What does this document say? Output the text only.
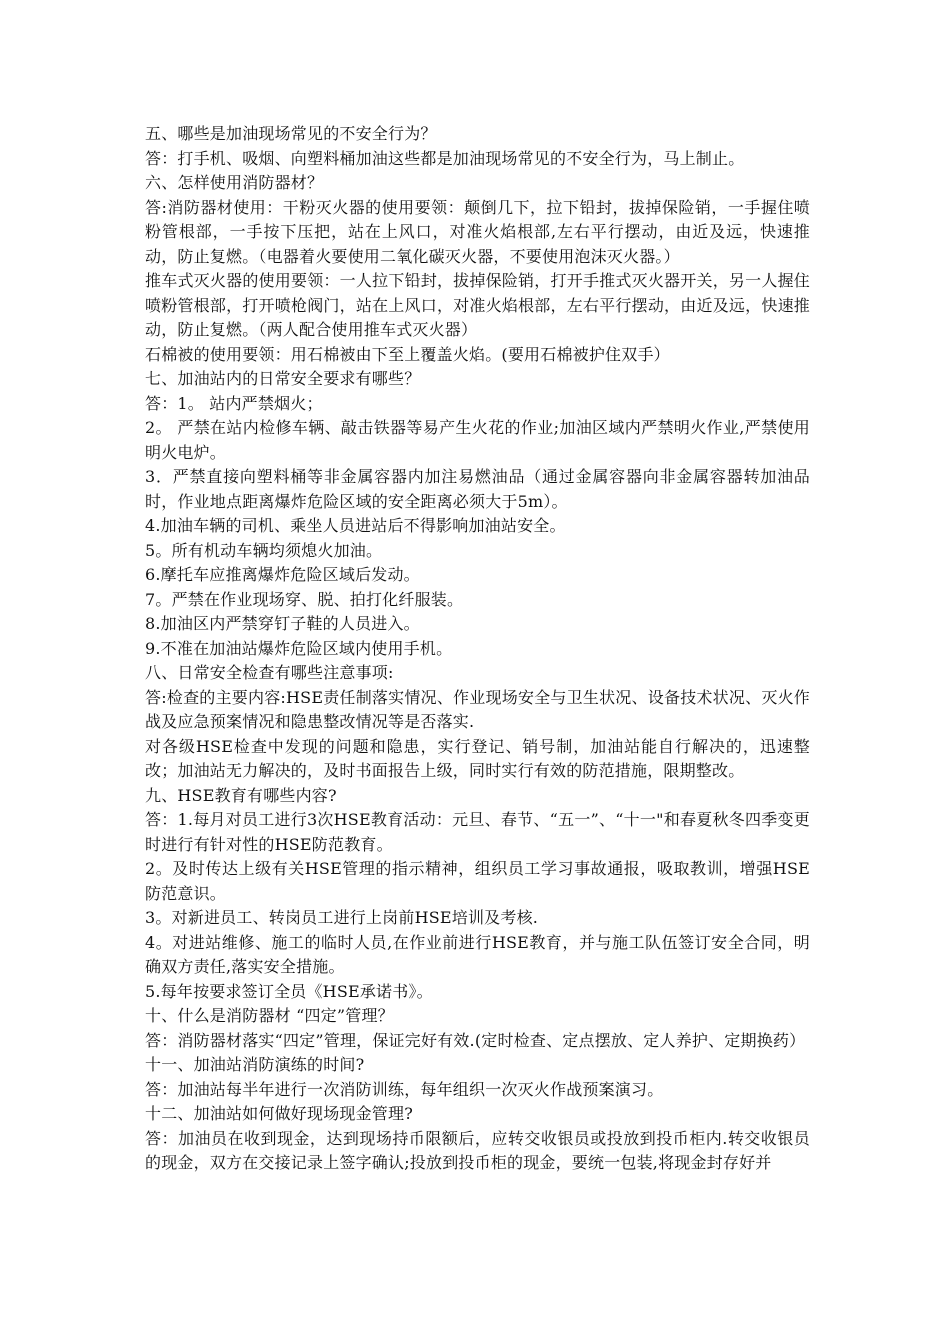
五、哪些是加油现场常见的不安全行为？

答：打手机、吸烟、向塑料桶加油这些都是加油现场常见的不安全行为，马上制止。

六、怎样使用消防器材？

答:消防器材使用：干粉灭火器的使用要领：颠倒几下，拉下铅封，拔掉保险销，一手握住喷粉管根部，一手按下压把，站在上风口，对准火焰根部,左右平行摆动，由近及远，快速推动，防止复燃。（电器着火要使用二氧化碳灭火器，不要使用泡沫灭火器。）

推车式灭火器的使用要领：一人拉下铅封，拔掉保险销，打开手推式灭火器开关，另一人握住喷粉管根部，打开喷枪阀门，站在上风口，对准火焰根部，左右平行摆动，由近及远，快速推动，防止复燃。（两人配合使用推车式灭火器）

石棉被的使用要领：用石棉被由下至上覆盖火焰。(要用石棉被护住双手）

七、加油站内的日常安全要求有哪些？

答：1。 站内严禁烟火；

2。 严禁在站内检修车辆、敲击铁器等易产生火花的作业;加油区域内严禁明火作业,严禁使用明火电炉。

3．严禁直接向塑料桶等非金属容器内加注易燃油品（通过金属容器向非金属容器转加油品时，作业地点距离爆炸危险区域的安全距离必须大于5m）。

4.加油车辆的司机、乘坐人员进站后不得影响加油站安全。

5。所有机动车辆均须熄火加油。

6.摩托车应推离爆炸危险区域后发动。

7。严禁在作业现场穿、脱、拍打化纤服装。

8.加油区内严禁穿钉子鞋的人员进入。

9.不准在加油站爆炸危险区域内使用手机。

八、日常安全检查有哪些注意事项:

答:检查的主要内容:HSE责任制落实情况、作业现场安全与卫生状况、设备技术状况、灭火作战及应急预案情况和隐患整改情况等是否落实.

对各级HSE检查中发现的问题和隐患，实行登记、销号制，加油站能自行解决的，迅速整改；加油站无力解决的，及时书面报告上级，同时实行有效的防范措施，限期整改。

九、HSE教育有哪些内容?

答：1.每月对员工进行3次HSE教育活动：元旦、春节、“五一”、“十一"和春夏秋冬四季变更时进行有针对性的HSE防范教育。

2。及时传达上级有关HSE管理的指示精神，组织员工学习事故通报，吸取教训，增强HSE防范意识。

3。对新进员工、转岗员工进行上岗前HSE培训及考核.

4。对进站维修、施工的临时人员,在作业前进行HSE教育，并与施工队伍签订安全合同，明确双方责任,落实安全措施。

5.每年按要求签订全员《HSE承诺书》。

十、什么是消防器材 “四定”管理？

答：消防器材落实“四定”管理，保证完好有效.(定时检查、定点摆放、定人养护、定期换药）

十一、加油站消防演练的时间?

答：加油站每半年进行一次消防训练，每年组织一次灭火作战预案演习。

十二、加油站如何做好现场现金管理?

答：加油员在收到现金，达到现场持币限额后，应转交收银员或投放到投币柜内.转交收银员的现金，双方在交接记录上签字确认;投放到投币柜的现金，要统一包装,将现金封存好并
